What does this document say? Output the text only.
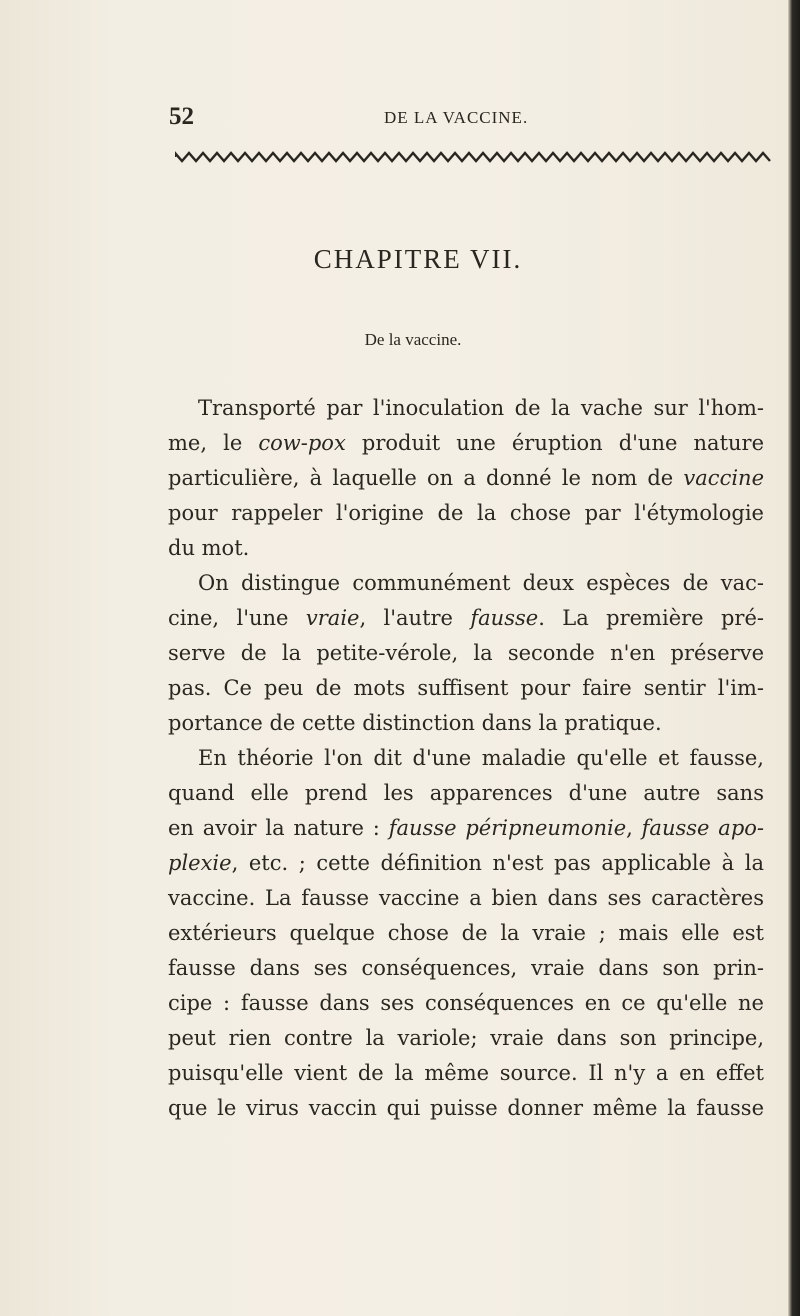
52	DE LA VACCINE.
CHAPITRE VII.
De la vaccine.
Transporté par l'inoculation de la vache sur l'hom-
me, le cow-pox produit une éruption d'une nature
particulière, à laquelle on a donné le nom de vaccine
pour rappeler l'origine de la chose par l'étymologie
du mot.
On distingue communément deux espèces de vac-
cine, l'une vraie, l'autre fausse. La première pré-
serve de la petite-vérole, la seconde n'en préserve
pas. Ce peu de mots suffisent pour faire sentir l'im-
portance de cette distinction dans la pratique.
En théorie l'on dit d'une maladie qu'elle et fausse,
quand elle prend les apparences d'une autre sans
en avoir la nature : fausse péripneumonie, fausse apo-
plexie, etc. ; cette définition n'est pas applicable à la
vaccine. La fausse vaccine a bien dans ses caractères
extérieurs quelque chose de la vraie ; mais elle est
fausse dans ses conséquences, vraie dans son prin-
cipe : fausse dans ses conséquences en ce qu'elle ne
peut rien contre la variole; vraie dans son principe,
puisqu'elle vient de la même source. Il n'y a en effet
que le virus vaccin qui puisse donner même la fausse
